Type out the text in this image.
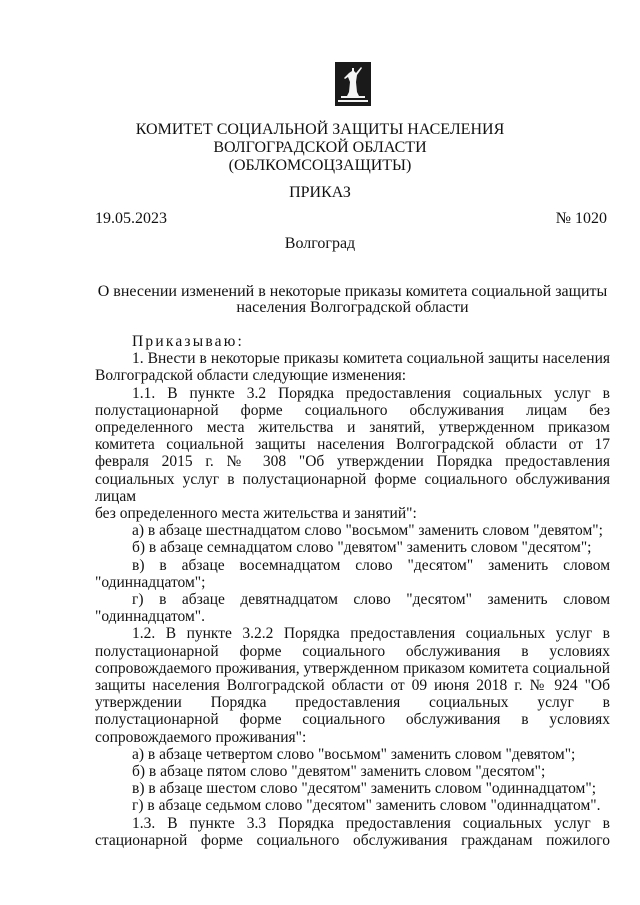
КОМИТЕТ СОЦИАЛЬНОЙ ЗАЩИТЫ НАСЕЛЕНИЯ
ВОЛГОГРАДСКОЙ ОБЛАСТИ
(ОБЛКОМСОЦЗАЩИТЫ)
ПРИКАЗ
19.05.2023	№ 1020
Волгоград
О внесении изменений в некоторые приказы комитета социальной защиты населения Волгоградской области

Приказываю:

1. Внести в некоторые приказы комитета социальной защиты населения Волгоградской области следующие изменения:

1.1. В пункте 3.2 Порядка предоставления социальных услуг в полустационарной форме социального обслуживания лицам без определенного места жительства и занятий, утвержденном приказом комитета социальной защиты населения Волгоградской области от 17 февраля 2015 г. № 308 "Об утверждении Порядка предоставления социальных услуг в полустационарной форме социального обслуживания лицам

без определенного места жительства и занятий":

а) в абзаце шестнадцатом слово "восьмом" заменить словом "девятом";

б) в абзаце семнадцатом слово "девятом" заменить словом "десятом";

в) в абзаце восемнадцатом слово "десятом" заменить словом "одиннадцатом";

г) в абзаце девятнадцатом слово "десятом" заменить словом "одиннадцатом".

1.2. В пункте 3.2.2 Порядка предоставления социальных услуг в полустационарной форме социального обслуживания в условиях сопровождаемого проживания, утвержденном приказом комитета социальной защиты населения Волгоградской области от 09 июня 2018 г. № 924 "Об утверждении Порядка предоставления социальных услуг в полустационарной форме социального обслуживания в условиях

сопровождаемого проживания":

а) в абзаце четвертом слово "восьмом" заменить словом "девятом";

б) в абзаце пятом слово "девятом" заменить словом "десятом";

в) в абзаце шестом слово "десятом" заменить словом "одиннадцатом";

г) в абзаце седьмом слово "десятом" заменить словом "одиннадцатом".

1.3. В пункте 3.3 Порядка предоставления социальных услуг в стационарной форме социального обслуживания гражданам пожилого
